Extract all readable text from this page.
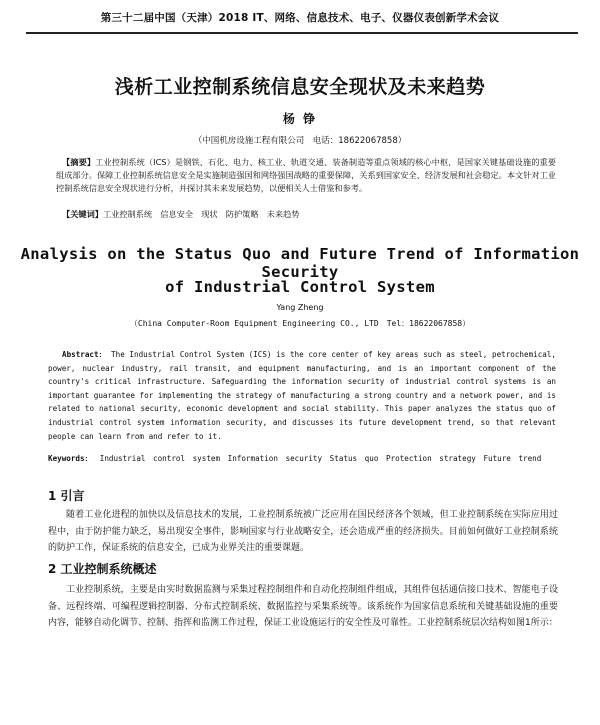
第三十二届中国（天津）2018 IT、网络、信息技术、电子、仪器仪表创新学术会议
浅析工业控制系统信息安全现状及未来趋势
杨 铮
（中国机房设施工程有限公司　电话：18622067858）
【摘要】工业控制系统（ICS）是钢铁、石化、电力、核工业、轨道交通、装备制造等重点领域的核心中枢，是国家关键基础设施的重要组成部分。保障工业控制系统信息安全是实施制造强国和网络强国战略的重要保障，关系到国家安全、经济发展和社会稳定。本文针对工业控制系统信息安全现状进行分析，并探讨其未来发展趋势，以便相关人士借鉴和参考。
【关键词】工业控制系统　信息安全　现状　防护策略　未来趋势
Analysis on the Status Quo and Future Trend of Information Security
of Industrial Control System
Yang Zheng
（China Computer-Room Equipment Engineering CO., LTD　Tel：18622067858）
Abstract： The Industrial Control System (ICS) is the core center of key areas such as steel, petrochemical, power, nuclear industry, rail transit, and equipment manufacturing, and is an important component of the country's critical infrastructure. Safeguarding the information security of industrial control systems is an important guarantee for implementing the strategy of manufacturing a strong country and a network power, and is related to national security, economic development and social stability. This paper analyzes the status quo of industrial control system information security, and discusses its future development trend, so that relevant people can learn from and refer to it.
Keywords： Industrial control system　Information security　Status quo　Protection strategy　Future trend
1 引言
随着工业化进程的加快以及信息技术的发展，工业控制系统被广泛应用在国民经济各个领域，但工业控制系统在实际应用过程中，由于防护能力缺乏，易出现安全事件，影响国家与行业战略安全，还会造成严重的经济损失。目前如何做好工业控制系统的防护工作，保证系统的信息安全，已成为业界关注的重要课题。
2 工业控制系统概述
工业控制系统，主要是由实时数据监测与采集过程控制组件和自动化控制组件组成，其组件包括通信接口技术、智能电子设备、远程终端、可编程逻辑控制器、分布式控制系统、数据监控与采集系统等。该系统作为国家信息系统和关键基础设施的重要内容，能够自动化调节、控制、指挥和监测工作过程，保证工业设施运行的安全性及可靠性。工业控制系统层次结构如图1所示：
